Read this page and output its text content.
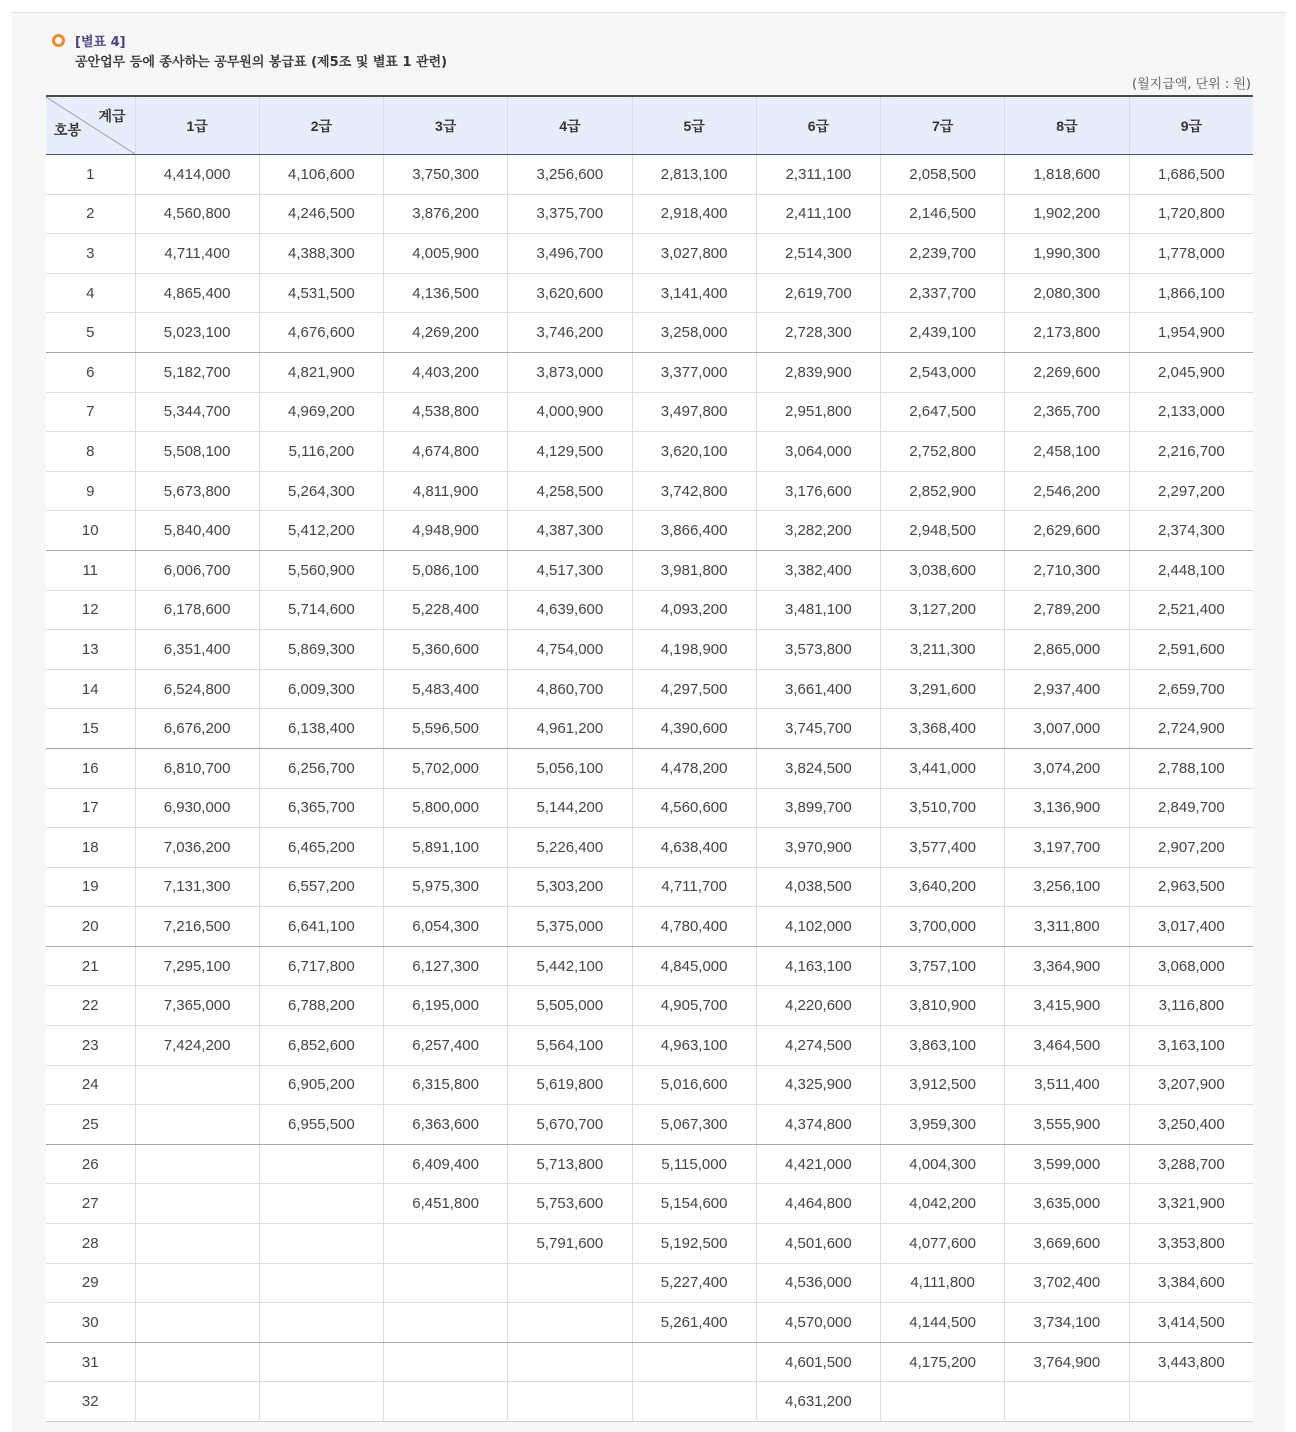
[별표 4]
공안업무 등에 종사하는 공무원의 봉급표 (제5조 및 별표 1 관련)
(월지급액, 단위 : 원)
계급
호봉	1급	2급	3급	4급	5급	6급	7급	8급	9급
1	4,414,000	4,106,600	3,750,300	3,256,600	2,813,100	2,311,100	2,058,500	1,818,600	1,686,500
2	4,560,800	4,246,500	3,876,200	3,375,700	2,918,400	2,411,100	2,146,500	1,902,200	1,720,800
3	4,711,400	4,388,300	4,005,900	3,496,700	3,027,800	2,514,300	2,239,700	1,990,300	1,778,000
4	4,865,400	4,531,500	4,136,500	3,620,600	3,141,400	2,619,700	2,337,700	2,080,300	1,866,100
5	5,023,100	4,676,600	4,269,200	3,746,200	3,258,000	2,728,300	2,439,100	2,173,800	1,954,900
6	5,182,700	4,821,900	4,403,200	3,873,000	3,377,000	2,839,900	2,543,000	2,269,600	2,045,900
7	5,344,700	4,969,200	4,538,800	4,000,900	3,497,800	2,951,800	2,647,500	2,365,700	2,133,000
8	5,508,100	5,116,200	4,674,800	4,129,500	3,620,100	3,064,000	2,752,800	2,458,100	2,216,700
9	5,673,800	5,264,300	4,811,900	4,258,500	3,742,800	3,176,600	2,852,900	2,546,200	2,297,200
10	5,840,400	5,412,200	4,948,900	4,387,300	3,866,400	3,282,200	2,948,500	2,629,600	2,374,300
11	6,006,700	5,560,900	5,086,100	4,517,300	3,981,800	3,382,400	3,038,600	2,710,300	2,448,100
12	6,178,600	5,714,600	5,228,400	4,639,600	4,093,200	3,481,100	3,127,200	2,789,200	2,521,400
13	6,351,400	5,869,300	5,360,600	4,754,000	4,198,900	3,573,800	3,211,300	2,865,000	2,591,600
14	6,524,800	6,009,300	5,483,400	4,860,700	4,297,500	3,661,400	3,291,600	2,937,400	2,659,700
15	6,676,200	6,138,400	5,596,500	4,961,200	4,390,600	3,745,700	3,368,400	3,007,000	2,724,900
16	6,810,700	6,256,700	5,702,000	5,056,100	4,478,200	3,824,500	3,441,000	3,074,200	2,788,100
17	6,930,000	6,365,700	5,800,000	5,144,200	4,560,600	3,899,700	3,510,700	3,136,900	2,849,700
18	7,036,200	6,465,200	5,891,100	5,226,400	4,638,400	3,970,900	3,577,400	3,197,700	2,907,200
19	7,131,300	6,557,200	5,975,300	5,303,200	4,711,700	4,038,500	3,640,200	3,256,100	2,963,500
20	7,216,500	6,641,100	6,054,300	5,375,000	4,780,400	4,102,000	3,700,000	3,311,800	3,017,400
21	7,295,100	6,717,800	6,127,300	5,442,100	4,845,000	4,163,100	3,757,100	3,364,900	3,068,000
22	7,365,000	6,788,200	6,195,000	5,505,000	4,905,700	4,220,600	3,810,900	3,415,900	3,116,800
23	7,424,200	6,852,600	6,257,400	5,564,100	4,963,100	4,274,500	3,863,100	3,464,500	3,163,100
24		6,905,200	6,315,800	5,619,800	5,016,600	4,325,900	3,912,500	3,511,400	3,207,900
25		6,955,500	6,363,600	5,670,700	5,067,300	4,374,800	3,959,300	3,555,900	3,250,400
26			6,409,400	5,713,800	5,115,000	4,421,000	4,004,300	3,599,000	3,288,700
27			6,451,800	5,753,600	5,154,600	4,464,800	4,042,200	3,635,000	3,321,900
28				5,791,600	5,192,500	4,501,600	4,077,600	3,669,600	3,353,800
29					5,227,400	4,536,000	4,111,800	3,702,400	3,384,600
30					5,261,400	4,570,000	4,144,500	3,734,100	3,414,500
31						4,601,500	4,175,200	3,764,900	3,443,800
32						4,631,200			
